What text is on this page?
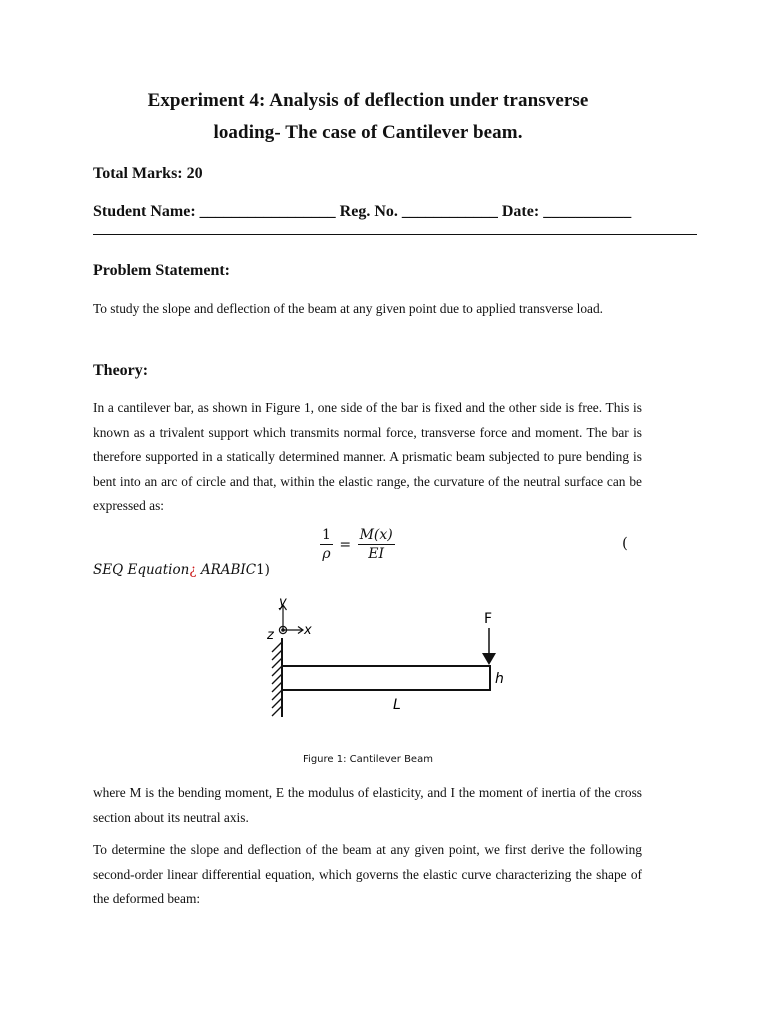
Experiment 4: Analysis of deflection under transverse
loading- The case of Cantilever beam.
Total Marks: 20
Student Name: _________________ Reg. No. ____________ Date: ___________
Problem Statement:
To study the slope and deflection of the beam at any given point due to applied transverse load.
Theory:
In a cantilever bar, as shown in Figure 1, one side of the bar is fixed and the other side is free. This is known as a trivalent support which transmits normal force, transverse force and moment. The bar is therefore supported in a statically determined manner. A prismatic beam subjected to pure bending is bent into an arc of circle and that, within the elastic range, the curvature of the neutral surface can be expressed as:
$\frac{1}{\rho} = \frac{M(x)}{EI}$	(
SEQ Equation¿ ARABIC1)
y
z x
F
h
L
Figure 1: Cantilever Beam
where M is the bending moment, E the modulus of elasticity, and I the moment of inertia of the cross section about its neutral axis.
To determine the slope and deflection of the beam at any given point, we first derive the following second-order linear differential equation, which governs the elastic curve characterizing the shape of the deformed beam:
